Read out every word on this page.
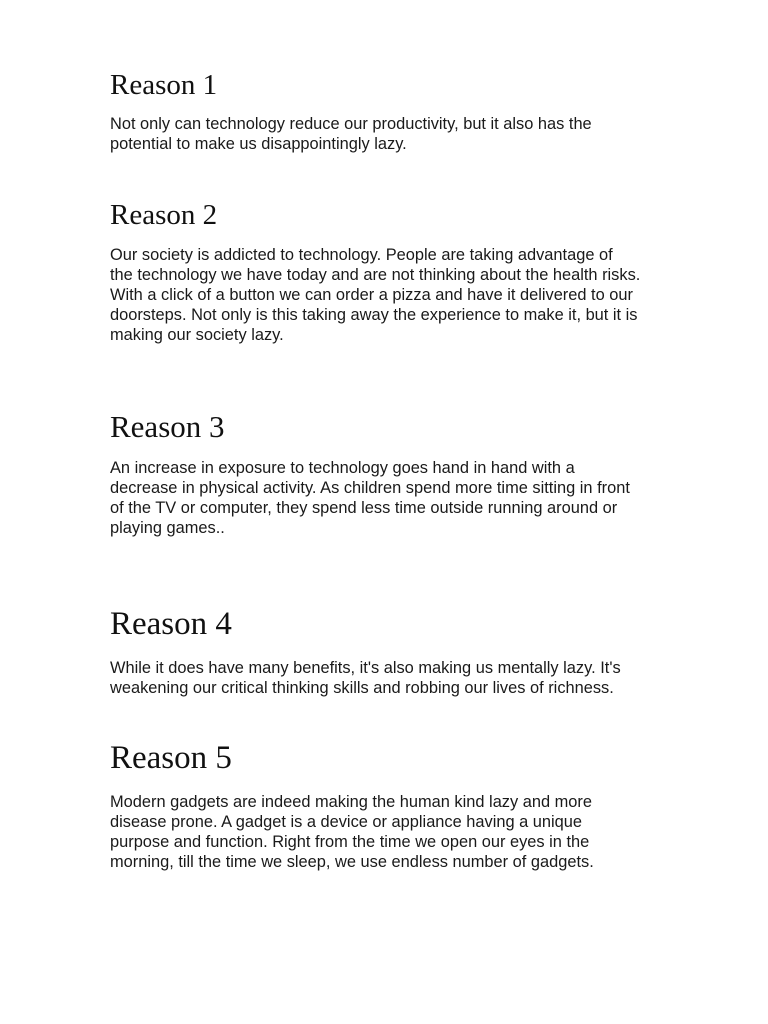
Reason 1

Not only can technology reduce our productivity, but it also has the
potential to make us disappointingly lazy.

Reason 2

Our society is addicted to technology. People are taking advantage of
the technology we have today and are not thinking about the health risks.
With a click of a button we can order a pizza and have it delivered to our
doorsteps. Not only is this taking away the experience to make it, but it is
making our society lazy.

Reason 3

An increase in exposure to technology goes hand in hand with a
decrease in physical activity. As children spend more time sitting in front
of the TV or computer, they spend less time outside running around or
playing games..

Reason 4

While it does have many benefits, it's also making us mentally lazy. It's
weakening our critical thinking skills and robbing our lives of richness.

Reason 5

Modern gadgets are indeed making the human kind lazy and more
disease prone. A gadget is a device or appliance having a unique
purpose and function. Right from the time we open our eyes in the
morning, till the time we sleep, we use endless number of gadgets.
